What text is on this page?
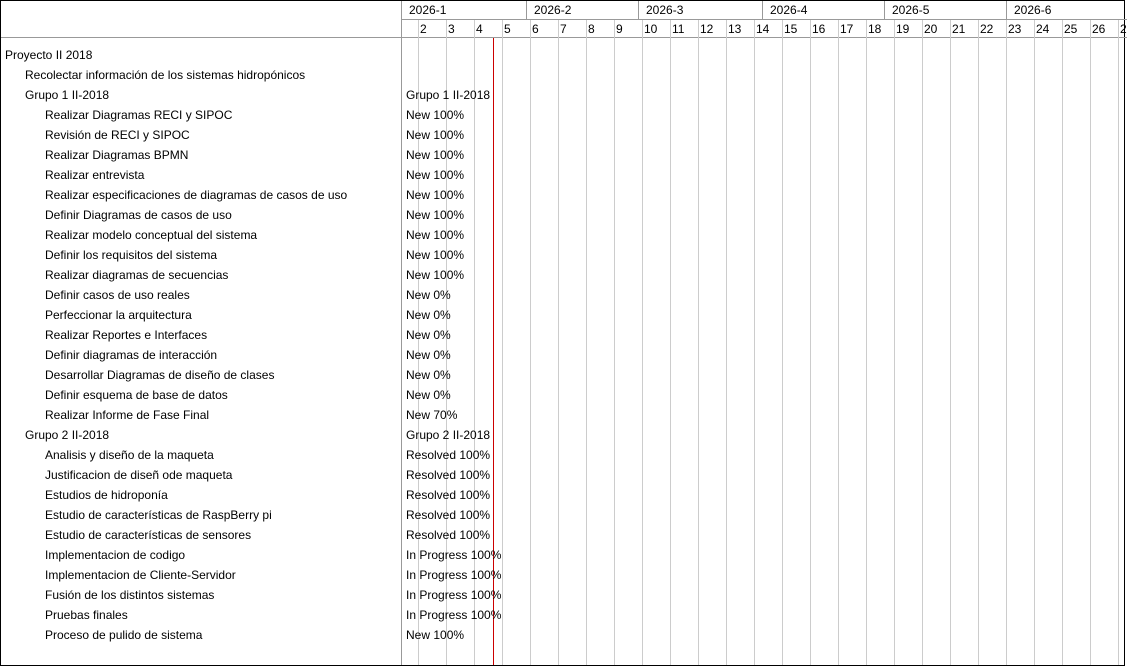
2026-1	2026-2	2026-3	2026-4	2026-5	2026-6
2	3	4	5	6	7	8	9	10	11	12	13	14	15	16	17	18	19	20	21	22	23	24	25	26	2
Proyecto II 2018
Recolectar información de los sistemas hidropónicos
Grupo 1 II-2018	Grupo 1 II-2018
Realizar Diagramas RECI y SIPOC	New 100%
Revisión de RECI y SIPOC	New 100%
Realizar Diagramas BPMN	New 100%
Realizar entrevista	New 100%
Realizar especificaciones de diagramas de casos de uso	New 100%
Definir Diagramas de casos de uso	New 100%
Realizar modelo conceptual del sistema	New 100%
Definir los requisitos del sistema	New 100%
Realizar diagramas de secuencias	New 100%
Definir casos de uso reales	New 0%
Perfeccionar la arquitectura	New 0%
Realizar Reportes e Interfaces	New 0%
Definir diagramas de interacción	New 0%
Desarrollar Diagramas de diseño de clases	New 0%
Definir esquema de base de datos	New 0%
Realizar Informe de Fase Final	New 70%
Grupo 2 II-2018	Grupo 2 II-2018
Analisis y diseño de la maqueta	Resolved 100%
Justificacion de diseñ ode maqueta	Resolved 100%
Estudios de hidroponía	Resolved 100%
Estudio de características de RaspBerry pi	Resolved 100%
Estudio de características de sensores	Resolved 100%
Implementacion de codigo	In Progress 100%
Implementacion de Cliente-Servidor	In Progress 100%
Fusión de los distintos sistemas	In Progress 100%
Pruebas finales	In Progress 100%
Proceso de pulido de sistema	New 100%
